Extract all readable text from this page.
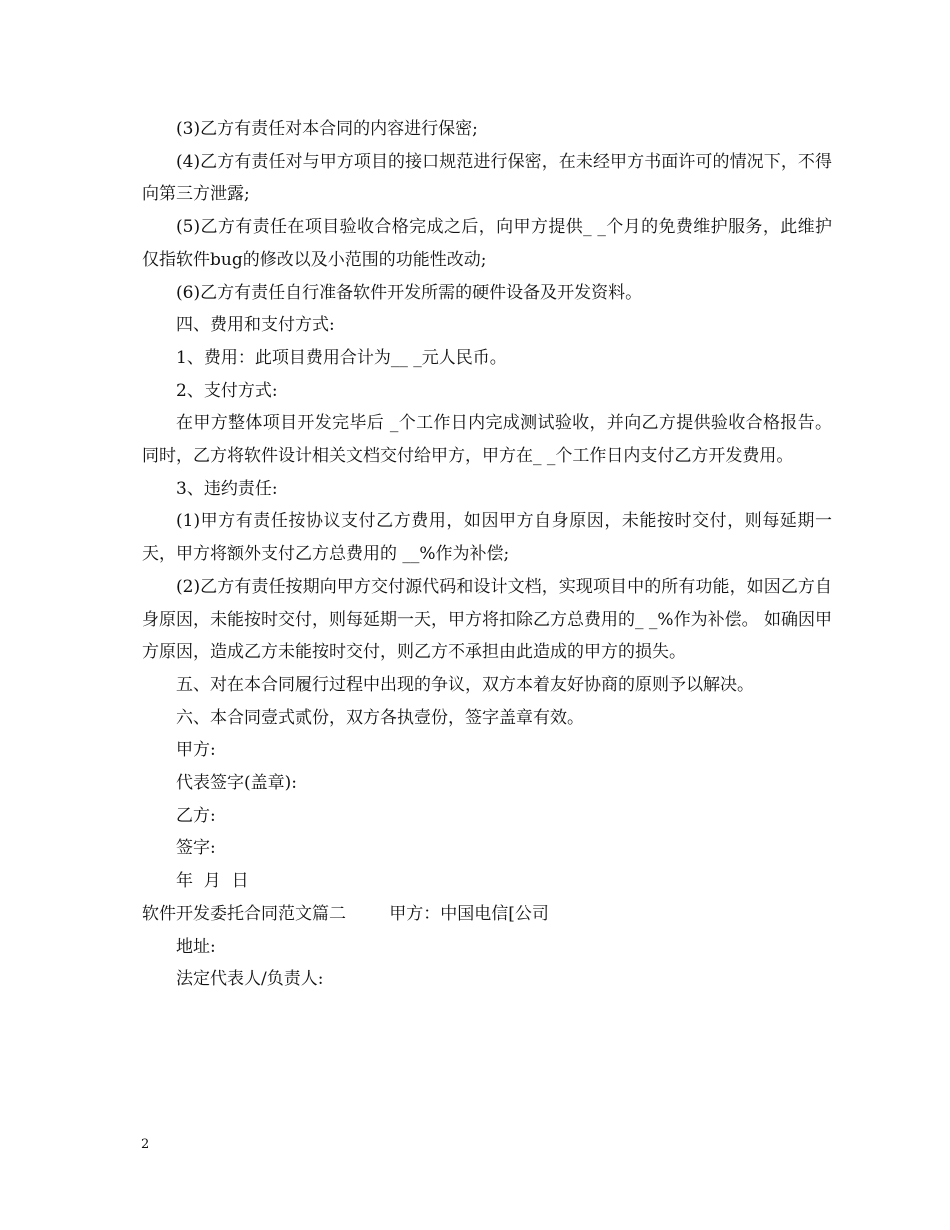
(3)乙方有责任对本合同的内容进行保密;

(4)乙方有责任对与甲方项目的接口规范进行保密，在未经甲方书面许可的情况下，不得向第三方泄露;

(5)乙方有责任在项目验收合格完成之后，向甲方提供_ _个月的免费维护服务，此维护仅指软件bug的修改以及小范围的功能性改动;

(6)乙方有责任自行准备软件开发所需的硬件设备及开发资料。

四、费用和支付方式:

1、费用：此项目费用合计为__ _元人民币。

2、支付方式:

在甲方整体项目开发完毕后 _个工作日内完成测试验收，并向乙方提供验收合格报告。同时，乙方将软件设计相关文档交付给甲方，甲方在_ _个工作日内支付乙方开发费用。

3、违约责任:

(1)甲方有责任按协议支付乙方费用，如因甲方自身原因，未能按时交付，则每延期一天，甲方将额外支付乙方总费用的 __%作为补偿;

(2)乙方有责任按期向甲方交付源代码和设计文档，实现项目中的所有功能，如因乙方自身原因，未能按时交付，则每延期一天，甲方将扣除乙方总费用的_ _%作为补偿。 如确因甲方原因，造成乙方未能按时交付，则乙方不承担由此造成的甲方的损失。

五、对在本合同履行过程中出现的争议，双方本着友好协商的原则予以解决。

六、本合同壹式贰份，双方各执壹份，签字盖章有效。

甲方:

代表签字(盖章):

乙方:

签字:

年  月  日

软件开发委托合同范文篇二        甲方：中国电信[公司

地址:

法定代表人/负责人:

2
